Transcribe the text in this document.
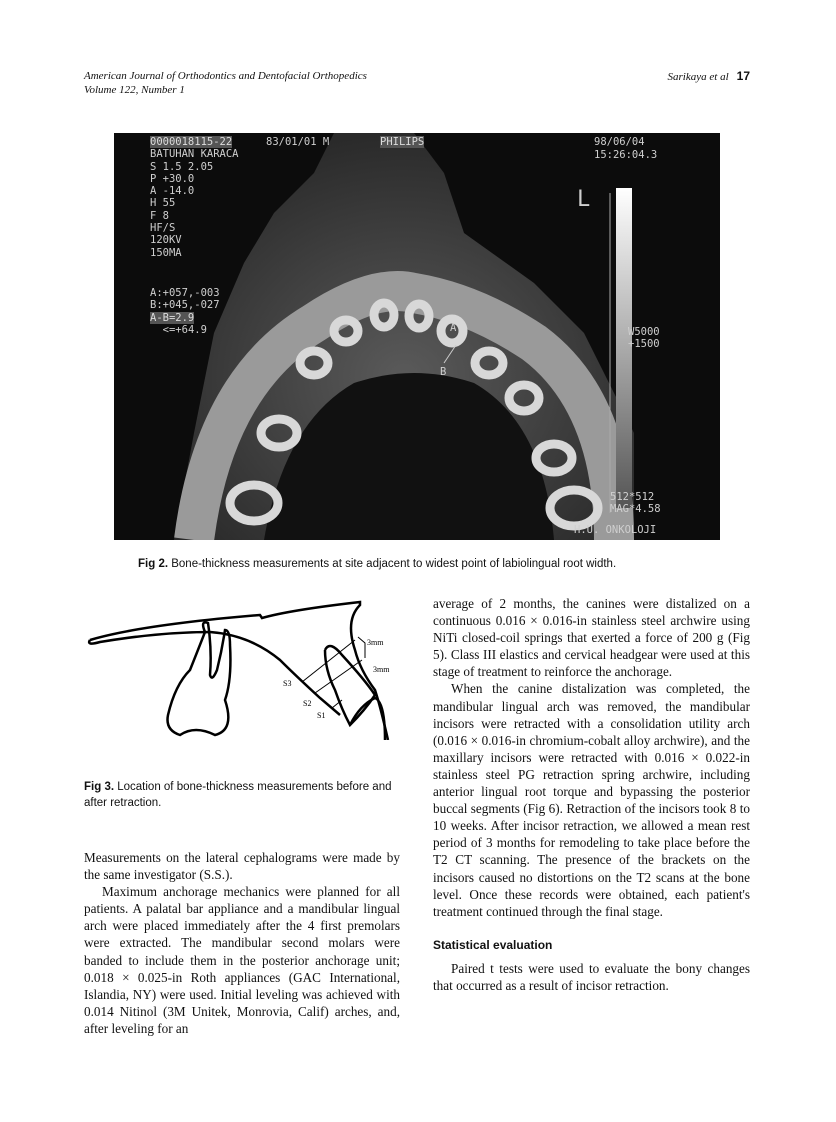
American Journal of Orthodontics and Dentofacial Orthopedics
Volume 122, Number 1
Sarikaya et al 17
0000018115-22
BATUHAN KARACA
S 1.5 2.05
P +30.0
A -14.0
H 55
F 8
HF/S
120KV
150MA
A:+057,-003
B:+045,-027
A-B=2.9
<=+64.9
83/01/01 M	PHILIPS	98/06/04
15:26:04.3
L
W5000
+1500
A
B
512*512
MAG*4.58
H.U. ONKOLOJI
Fig 2. Bone-thickness measurements at site adjacent to widest point of labiolingual root width.
3mm
3mm
S3
S2
S1
Fig 3. Location of bone-thickness measurements before and after retraction.

Measurements on the lateral cephalograms were made by the same investigator (S.S.).

Maximum anchorage mechanics were planned for all patients. A palatal bar appliance and a mandibular lingual arch were placed immediately after the 4 first premolars were extracted. The mandibular second molars were banded to include them in the posterior anchorage unit; 0.018 × 0.025-in Roth appliances (GAC International, Islandia, NY) were used. Initial leveling was achieved with 0.014 Nitinol (3M Unitek, Monrovia, Calif) arches, and, after leveling for an

average of 2 months, the canines were distalized on a continuous 0.016 × 0.016-in stainless steel archwire using NiTi closed-coil springs that exerted a force of 200 g (Fig 5). Class III elastics and cervical headgear were used at this stage of treatment to reinforce the anchorage.

When the canine distalization was completed, the mandibular lingual arch was removed, the mandibular incisors were retracted with a consolidation utility arch (0.016 × 0.016-in chromium-cobalt alloy archwire), and the maxillary incisors were retracted with 0.016 × 0.022-in stainless steel PG retraction spring archwire, including anterior lingual root torque and bypassing the posterior buccal segments (Fig 6). Retraction of the incisors took 8 to 10 weeks. After incisor retraction, we allowed a mean rest period of 3 months for remodeling to take place before the T2 CT scanning. The presence of the brackets on the incisors caused no distortions on the T2 scans at the bone level. Once these records were obtained, each patient's treatment continued through the final stage.

Statistical evaluation

Paired t tests were used to evaluate the bony changes that occurred as a result of incisor retraction.
